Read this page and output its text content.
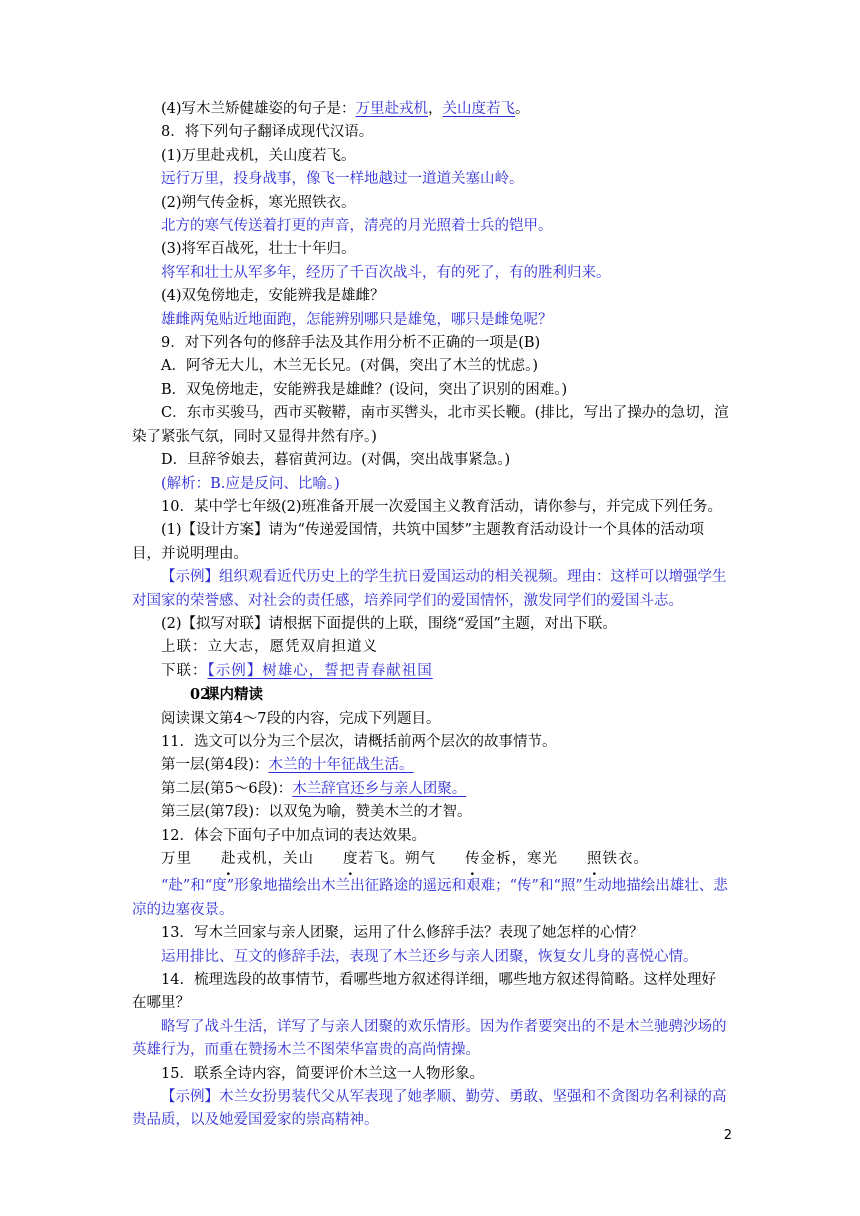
(4)写木兰矫健雄姿的句子是：万里赴戎机，关山度若飞。
8．将下列句子翻译成现代汉语。
(1)万里赴戎机，关山度若飞。
远行万里，投身战事，像飞一样地越过一道道关塞山岭。
(2)朔气传金柝，寒光照铁衣。
北方的寒气传送着打更的声音，清亮的月光照着士兵的铠甲。
(3)将军百战死，壮士十年归。
将军和壮士从军多年，经历了千百次战斗，有的死了，有的胜利归来。
(4)双兔傍地走，安能辨我是雄雌？
雄雌两兔贴近地面跑，怎能辨别哪只是雄兔，哪只是雌兔呢？
9．对下列各句的修辞手法及其作用分析不正确的一项是(B)
A．阿爷无大儿，木兰无长兄。(对偶，突出了木兰的忧虑。)
B．双兔傍地走，安能辨我是雄雌？(设问，突出了识别的困难。)
C．东市买骏马，西市买鞍鞯，南市买辔头，北市买长鞭。(排比，写出了操办的急切，渲染了紧张气氛，同时又显得井然有序。)
D．旦辞爷娘去，暮宿黄河边。(对偶，突出战事紧急。)
(解析：B.应是反问、比喻。)
10．某中学七年级(2)班准备开展一次爱国主义教育活动，请你参与，并完成下列任务。
(1)【设计方案】请为“传递爱国情，共筑中国梦”主题教育活动设计一个具体的活动项目，并说明理由。
【示例】组织观看近代历史上的学生抗日爱国运动的相关视频。理由：这样可以增强学生对国家的荣誉感、对社会的责任感，培养同学们的爱国情怀，激发同学们的爱国斗志。
(2)【拟写对联】请根据下面提供的上联，围绕“爱国”主题，对出下联。
上联：立大志，愿凭双肩担道义
下联：【示例】树雄心，誓把青春献祖国
02课内精读
阅读课文第4～7段的内容，完成下列题目。
11．选文可以分为三个层次，请概括前两个层次的故事情节。
第一层(第4段)：木兰的十年征战生活。
第二层(第5～6段)：木兰辞官还乡与亲人团聚。
第三层(第7段)：以双兔为喻，赞美木兰的才智。
12．体会下面句子中加点词的表达效果。
万里 赴戎机，关山 度若飞。朔气 传金柝，寒光 照铁衣。
“赴”和“度”形象地描绘出木兰出征路途的遥远和艰难；“传”和“照”生动地描绘出雄壮、悲凉的边塞夜景。
13．写木兰回家与亲人团聚，运用了什么修辞手法？表现了她怎样的心情？
运用排比、互文的修辞手法，表现了木兰还乡与亲人团聚，恢复女儿身的喜悦心情。
14．梳理选段的故事情节，看哪些地方叙述得详细，哪些地方叙述得简略。这样处理好在哪里？
略写了战斗生活，详写了与亲人团聚的欢乐情形。因为作者要突出的不是木兰驰骋沙场的英雄行为，而重在赞扬木兰不图荣华富贵的高尚情操。
15．联系全诗内容，简要评价木兰这一人物形象。
【示例】木兰女扮男装代父从军表现了她孝顺、勤劳、勇敢、坚强和不贪图功名利禄的高贵品质，以及她爱国爱家的崇高精神。
2
